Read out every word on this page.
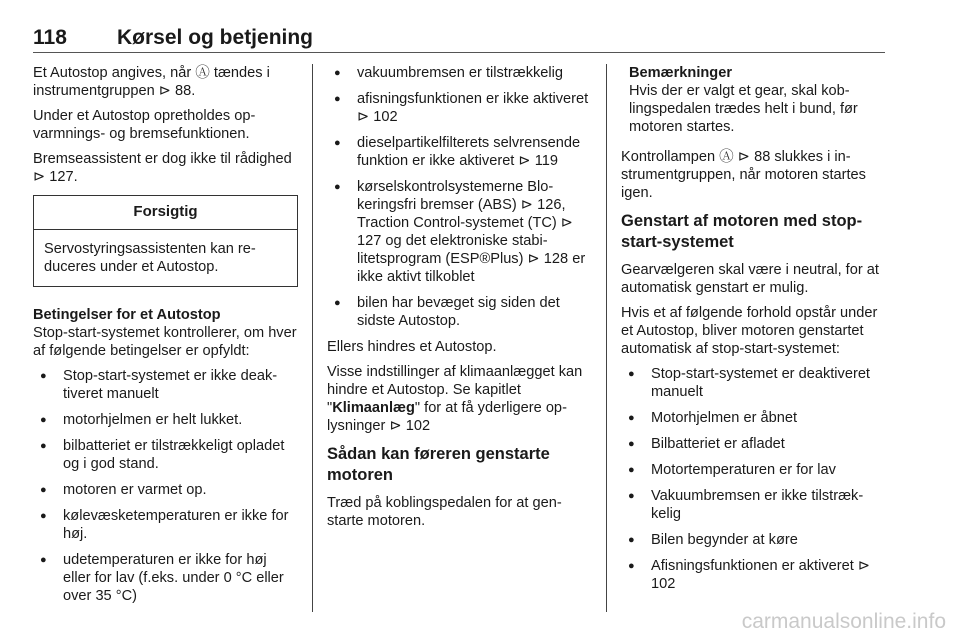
118 Kørsel og betjening

Et Autostop angives, når Ⓐ tændes i instrumentgruppen ⊳ 88.

Under et Autostop opretholdes opvarmnings- og bremsefunktionen.

Bremseassistent er dog ikke til rådighed ⊳ 127.

Forsigtig
Servostyringsassistenten kan reduceres under et Autostop.
Betingelser for et Autostop

Stop-start-systemet kontrollerer, om hver af følgende betingelser er opfyldt:

● Stop-start-systemet er ikke deaktiveret manuelt
● motorhjelmen er helt lukket.
● bilbatteriet er tilstrækkeligt opladet og i god stand.
● motoren er varmet op.
● kølevæsketemperaturen er ikke for høj.
● udetemperaturen er ikke for høj eller for lav (f.eks. under 0 °C eller over 35 °C)
● vakuumbremsen er tilstrækkelig
● afisningsfunktionen er ikke aktiveret ⊳ 102
● dieselpartikelfilterets selvrensende funktion er ikke aktiveret ⊳ 119
● kørselskontrolsystemerne Blokeringsfri bremser (ABS) ⊳ 126, Traction Control-systemet (TC) ⊳ 127 og det elektroniske stabilitetsprogram (ESP®Plus) ⊳ 128 er ikke aktivt tilkoblet
● bilen har bevæget sig siden det sidste Autostop.

Ellers hindres et Autostop.

Visse indstillinger af klimaanlægget kan hindre et Autostop. Se kapitlet "Klimaanlæg" for at få yderligere oplysninger ⊳ 102

Sådan kan føreren genstarte motoren

Træd på koblingspedalen for at genstarte motoren.

Bemærkninger
Hvis der er valgt et gear, skal koblingspedalen trædes helt i bund, før motoren startes.

Kontrollampen Ⓐ ⊳ 88 slukkes i instrumentgruppen, når motoren startes igen.

Genstart af motoren med stop-start-systemet

Gearvælgeren skal være i neutral, for at automatisk genstart er mulig.

Hvis et af følgende forhold opstår under et Autostop, bliver motoren genstartet automatisk af stop-start-systemet:

● Stop-start-systemet er deaktiveret manuelt
● Motorhjelmen er åbnet
● Bilbatteriet er afladet
● Motortemperaturen er for lav
● Vakuumbremsen er ikke tilstrækkelig
● Bilen begynder at køre
● Afisningsfunktionen er aktiveret ⊳ 102
carmanualsonline.info
